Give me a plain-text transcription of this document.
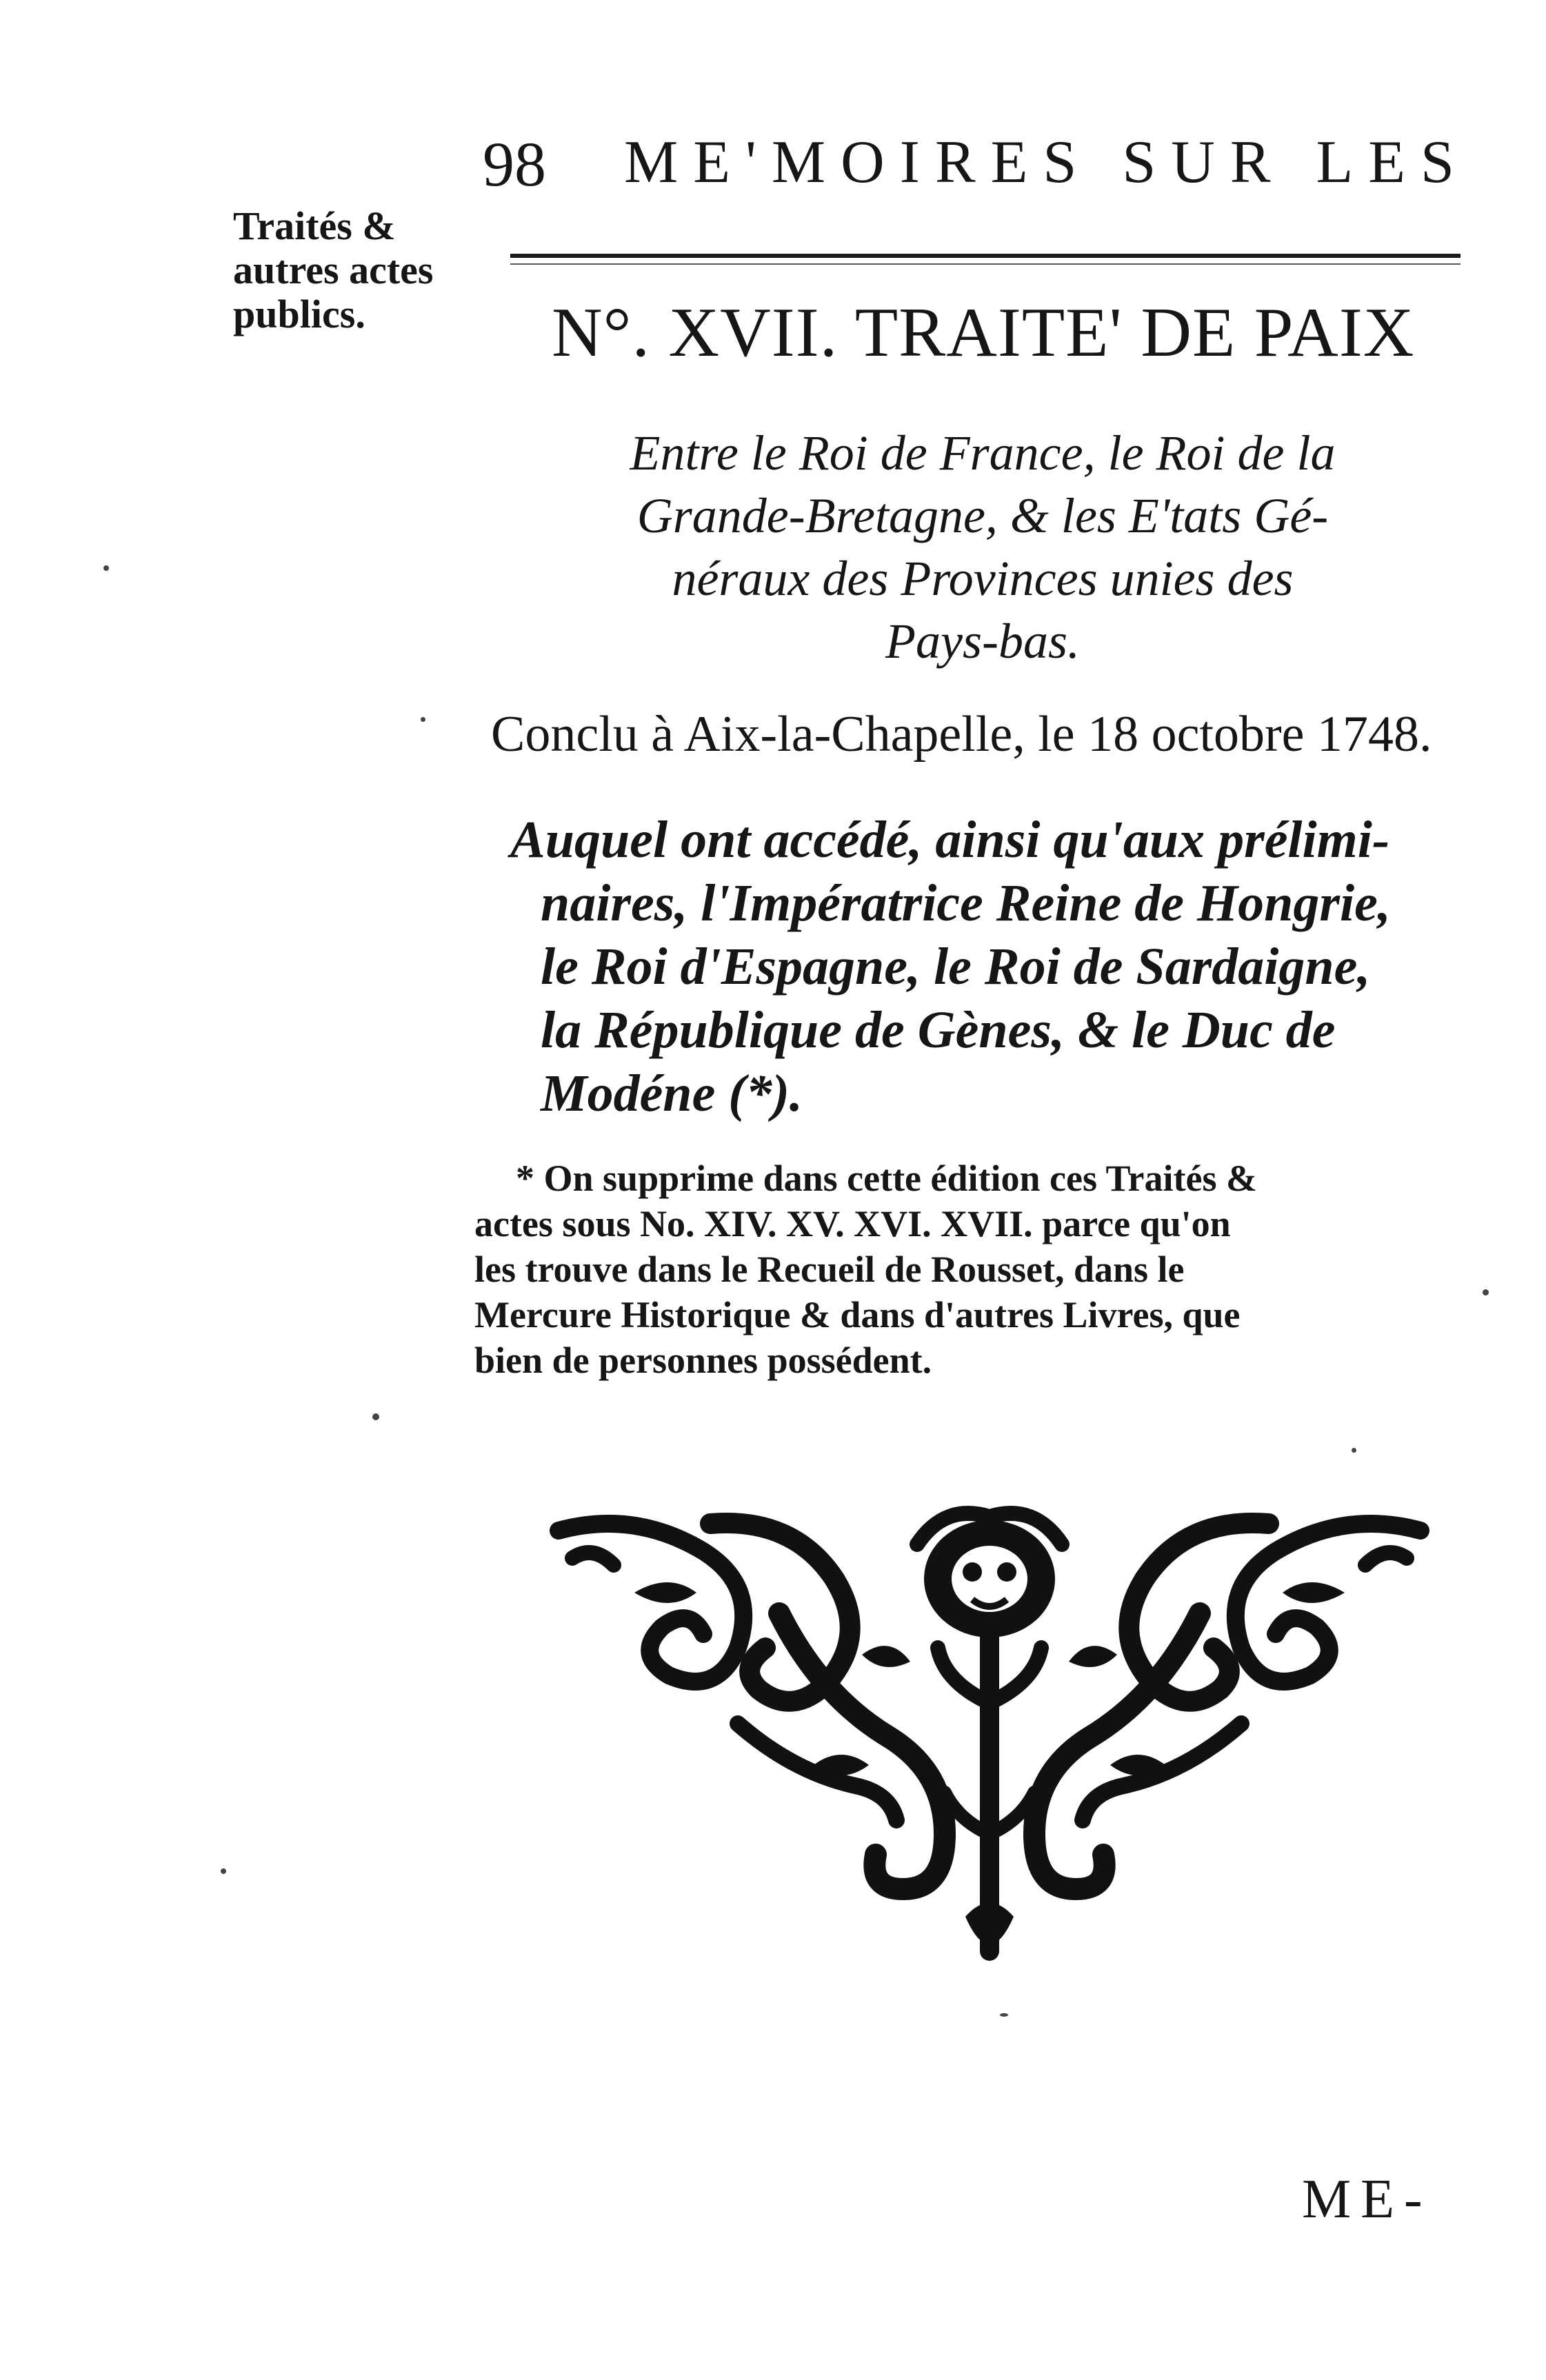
98 ME'MOIRES SUR LES
Traités &
autres actes
publics.	N°. XVII. TRAITE' DE PAIX
Entre le Roi de France, le Roi de la
Grande-Bretagne, & les E'tats Gé-
néraux des Provinces unies des
Pays-bas.
Conclu à Aix-la-Chapelle, le 18 octobre 1748.
Auquel ont accédé, ainsi qu'aux prélimi-
naires, l'Impératrice Reine de Hongrie,
le Roi d'Espagne, le Roi de Sardaigne,
la République de Gènes, & le Duc de
Modéne (*).
* On supprime dans cette édition ces Traités &
actes sous No. XIV. XV. XVI. XVII. parce qu'on
les trouve dans le Recueil de Rousset, dans le
Mercure Historique & dans d'autres Livres, que
bien de personnes possédent.
ME-
